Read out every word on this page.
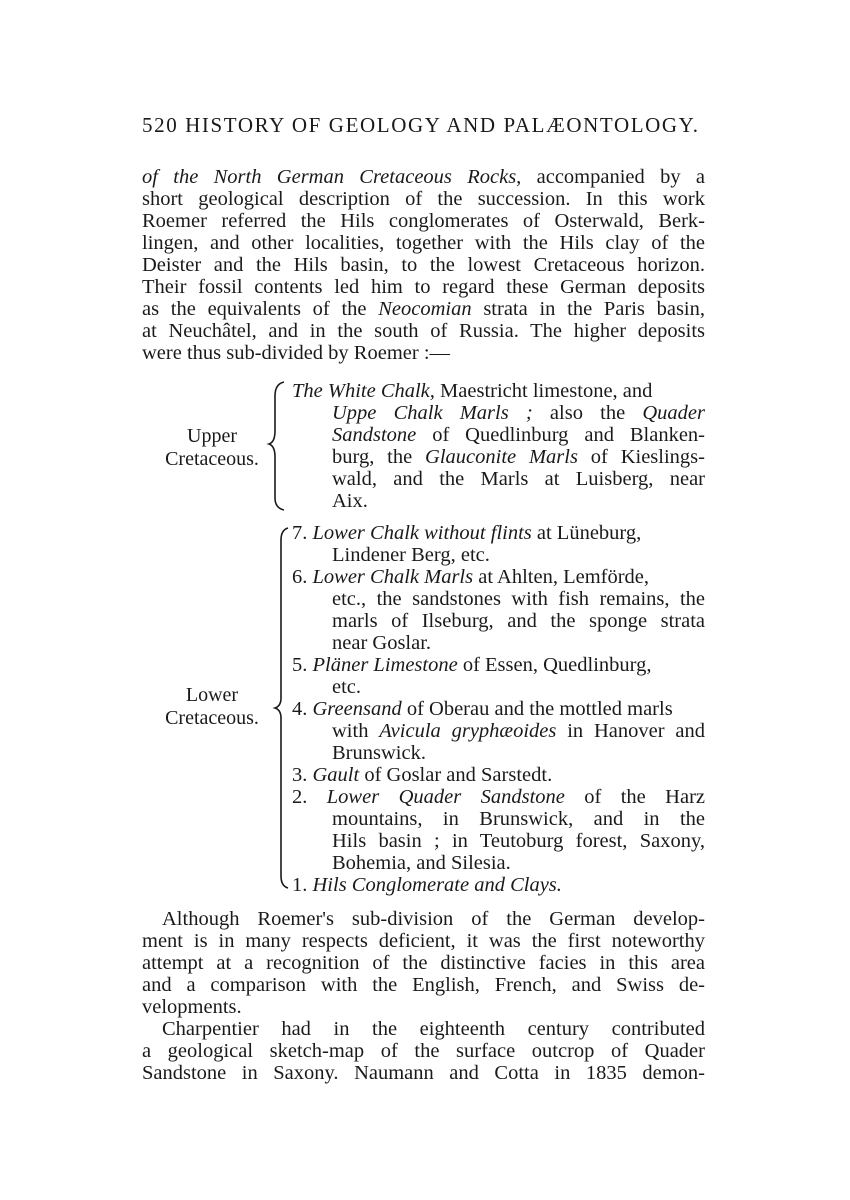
520 HISTORY OF GEOLOGY AND PALÆONTOLOGY.
of the North German Cretaceous Rocks, accompanied by a
short geological description of the succession. In this work
Roemer referred the Hils conglomerates of Osterwald, Berk-
lingen, and other localities, together with the Hils clay of the
Deister and the Hils basin, to the lowest Cretaceous horizon.
Their fossil contents led him to regard these German deposits
as the equivalents of the Neocomian strata in the Paris basin,
at Neuchâtel, and in the south of Russia. The higher deposits
were thus sub-divided by Roemer :—
Upper
Cretaceous.
The White Chalk, Maestricht limestone, and
Uppe Chalk Marls ; also the Quader
Sandstone of Quedlinburg and Blanken-
burg, the Glauconite Marls of Kieslings-
wald, and the Marls at Luisberg, near
Aix.
Lower
Cretaceous.
7. Lower Chalk without flints at Lüneburg,
Lindener Berg, etc.
6. Lower Chalk Marls at Ahlten, Lemförde,
etc., the sandstones with fish remains, the
marls of Ilseburg, and the sponge strata
near Goslar.
5. Pläner Limestone of Essen, Quedlinburg,
etc.
4. Greensand of Oberau and the mottled marls
with Avicula gryphæoides in Hanover and
Brunswick.
3. Gault of Goslar and Sarstedt.
2. Lower Quader Sandstone of the Harz
mountains, in Brunswick, and in the
Hils basin ; in Teutoburg forest, Saxony,
Bohemia, and Silesia.
1. Hils Conglomerate and Clays.
Although Roemer's sub-division of the German develop-
ment is in many respects deficient, it was the first noteworthy
attempt at a recognition of the distinctive facies in this area
and a comparison with the English, French, and Swiss de-
velopments.
Charpentier had in the eighteenth century contributed
a geological sketch-map of the surface outcrop of Quader
Sandstone in Saxony. Naumann and Cotta in 1835 demon-
